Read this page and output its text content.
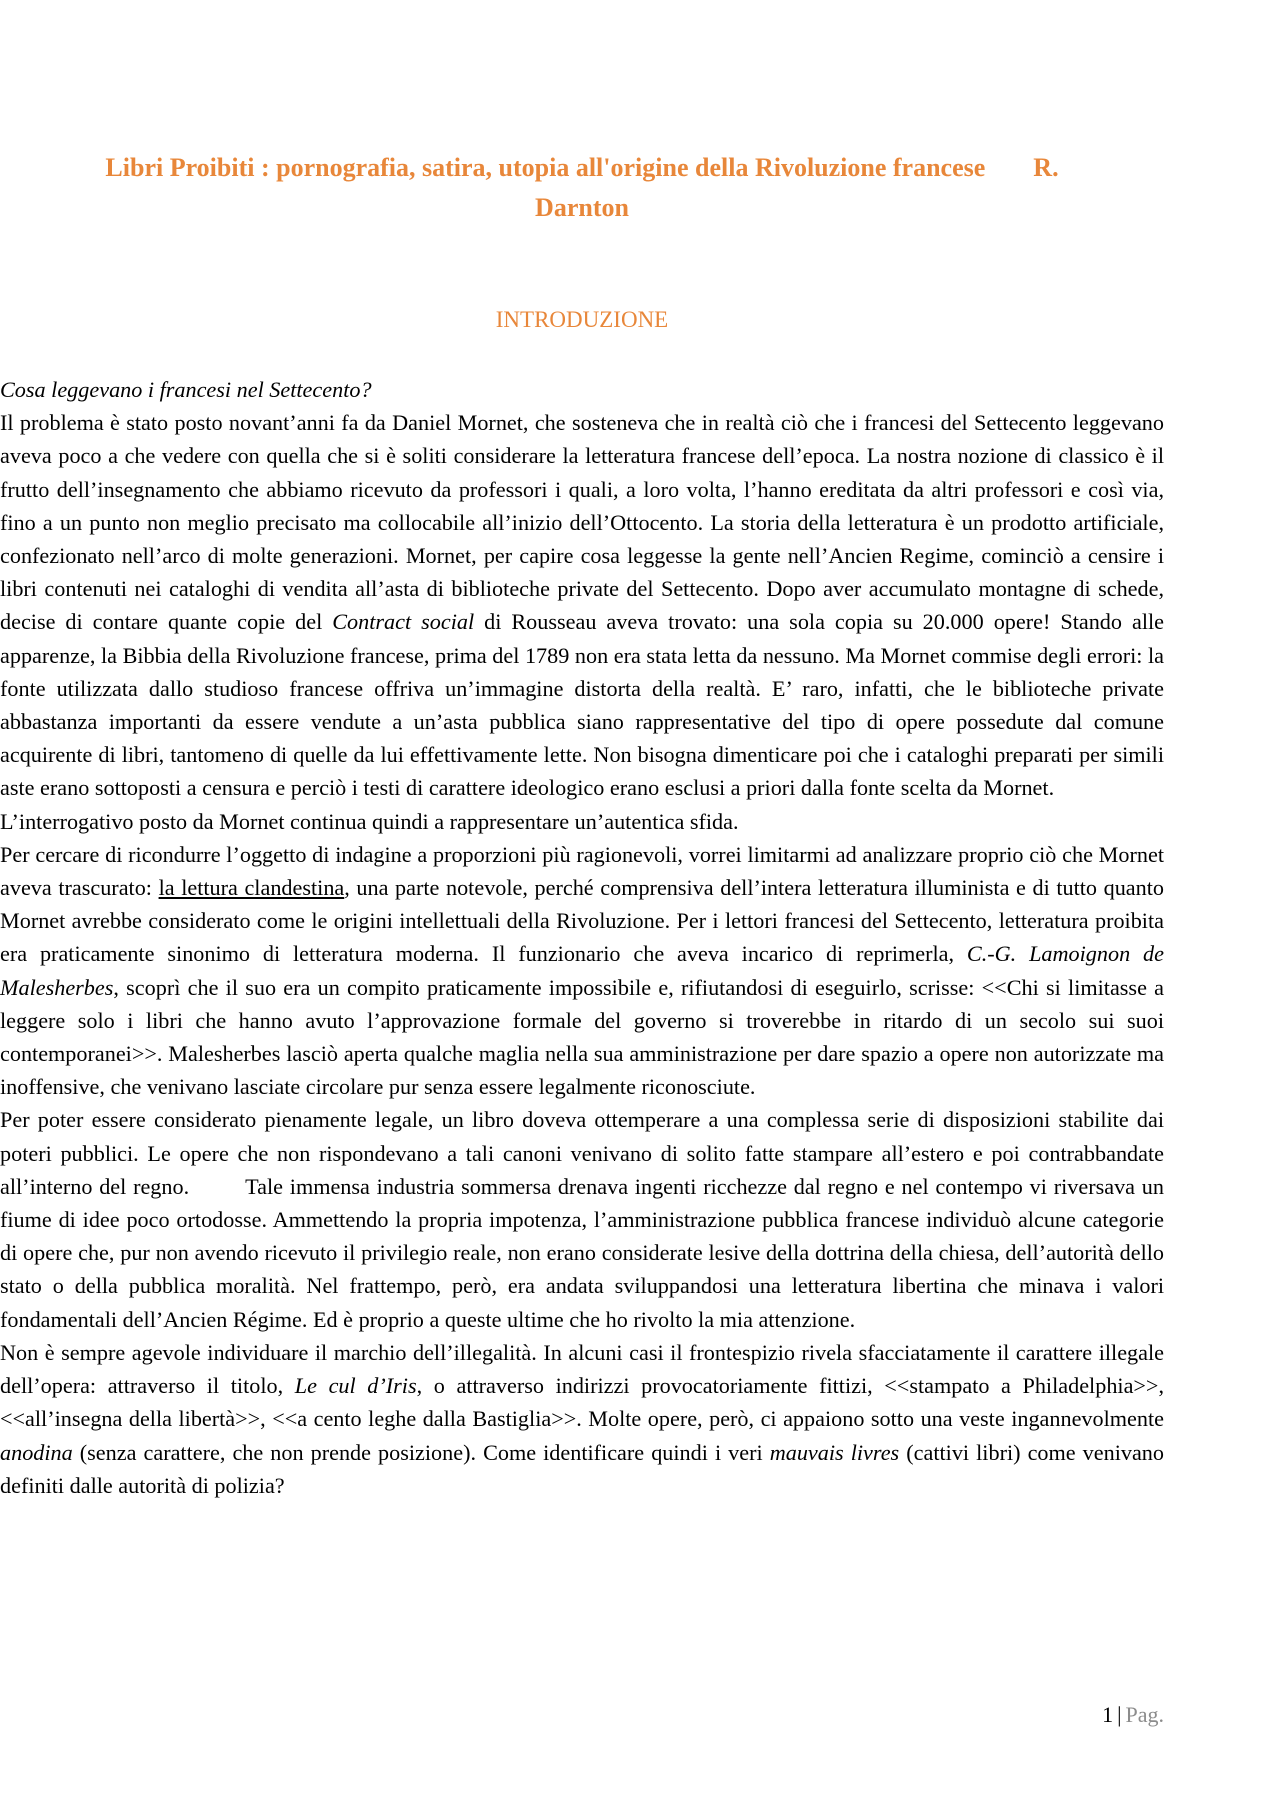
Libri Proibiti : pornografia, satira, utopia all'origine della Rivoluzione francese R.
Darnton
INTRODUZIONE

Cosa leggevano i francesi nel Settecento?

Il problema è stato posto novant’anni fa da Daniel Mornet, che sosteneva che in realtà ciò che i francesi del Settecento leggevano aveva poco a che vedere con quella che si è soliti considerare la letteratura francese dell’epoca. La nostra nozione di classico è il frutto dell’insegnamento che abbiamo ricevuto da professori i quali, a loro volta, l’hanno ereditata da altri professori e così via, fino a un punto non meglio precisato ma collocabile all’inizio dell’Ottocento. La storia della letteratura è un prodotto artificiale, confezionato nell’arco di molte generazioni. Mornet, per capire cosa leggesse la gente nell’Ancien Regime, cominciò a censire i libri contenuti nei cataloghi di vendita all’asta di biblioteche private del Settecento. Dopo aver accumulato montagne di schede, decise di contare quante copie del Contract social di Rousseau aveva trovato: una sola copia su 20.000 opere! Stando alle apparenze, la Bibbia della Rivoluzione francese, prima del 1789 non era stata letta da nessuno. Ma Mornet commise degli errori: la fonte utilizzata dallo studioso francese offriva un’immagine distorta della realtà. E’ raro, infatti, che le biblioteche private abbastanza importanti da essere vendute a un’asta pubblica siano rappresentative del tipo di opere possedute dal comune acquirente di libri, tantomeno di quelle da lui effettivamente lette. Non bisogna dimenticare poi che i cataloghi preparati per simili aste erano sottoposti a censura e perciò i testi di carattere ideologico erano esclusi a priori dalla fonte scelta da Mornet.

L’interrogativo posto da Mornet continua quindi a rappresentare un’autentica sfida.

Per cercare di ricondurre l’oggetto di indagine a proporzioni più ragionevoli, vorrei limitarmi ad analizzare proprio ciò che Mornet aveva trascurato: la lettura clandestina, una parte notevole, perché comprensiva dell’intera letteratura illuminista e di tutto quanto Mornet avrebbe considerato come le origini intellettuali della Rivoluzione. Per i lettori francesi del Settecento, letteratura proibita era praticamente sinonimo di letteratura moderna. Il funzionario che aveva incarico di reprimerla, C.-G. Lamoignon de Malesherbes, scoprì che il suo era un compito praticamente impossibile e, rifiutandosi di eseguirlo, scrisse: <<Chi si limitasse a leggere solo i libri che hanno avuto l’approvazione formale del governo si troverebbe in ritardo di un secolo sui suoi contemporanei>>. Malesherbes lasciò aperta qualche maglia nella sua amministrazione per dare spazio a opere non autorizzate ma inoffensive, che venivano lasciate circolare pur senza essere legalmente riconosciute.

Per poter essere considerato pienamente legale, un libro doveva ottemperare a una complessa serie di disposizioni stabilite dai poteri pubblici. Le opere che non rispondevano a tali canoni venivano di solito fatte stampare all’estero e poi contrabbandate all’interno del regno.	Tale immensa industria sommersa drenava ingenti ricchezze dal regno e nel contempo vi riversava un fiume di idee poco ortodosse. Ammettendo la propria impotenza, l’amministrazione pubblica francese individuò alcune categorie di opere che, pur non avendo ricevuto il privilegio reale, non erano considerate lesive della dottrina della chiesa, dell’autorità dello stato o della pubblica moralità. Nel frattempo, però, era andata sviluppandosi una letteratura libertina che minava i valori fondamentali dell’Ancien Régime. Ed è proprio a queste ultime che ho rivolto la mia attenzione.

Non è sempre agevole individuare il marchio dell’illegalità. In alcuni casi il frontespizio rivela sfacciatamente il carattere illegale dell’opera: attraverso il titolo, Le cul d’Iris, o attraverso indirizzi provocatoriamente fittizi, <<stampato a Philadelphia>>, <<all’insegna della libertà>>, <<a cento leghe dalla Bastiglia>>. Molte opere, però, ci appaiono sotto una veste ingannevolmente anodina (senza carattere, che non prende posizione). Come identificare quindi i veri mauvais livres (cattivi libri) come venivano definiti dalle autorità di polizia?

1 | Pag.
